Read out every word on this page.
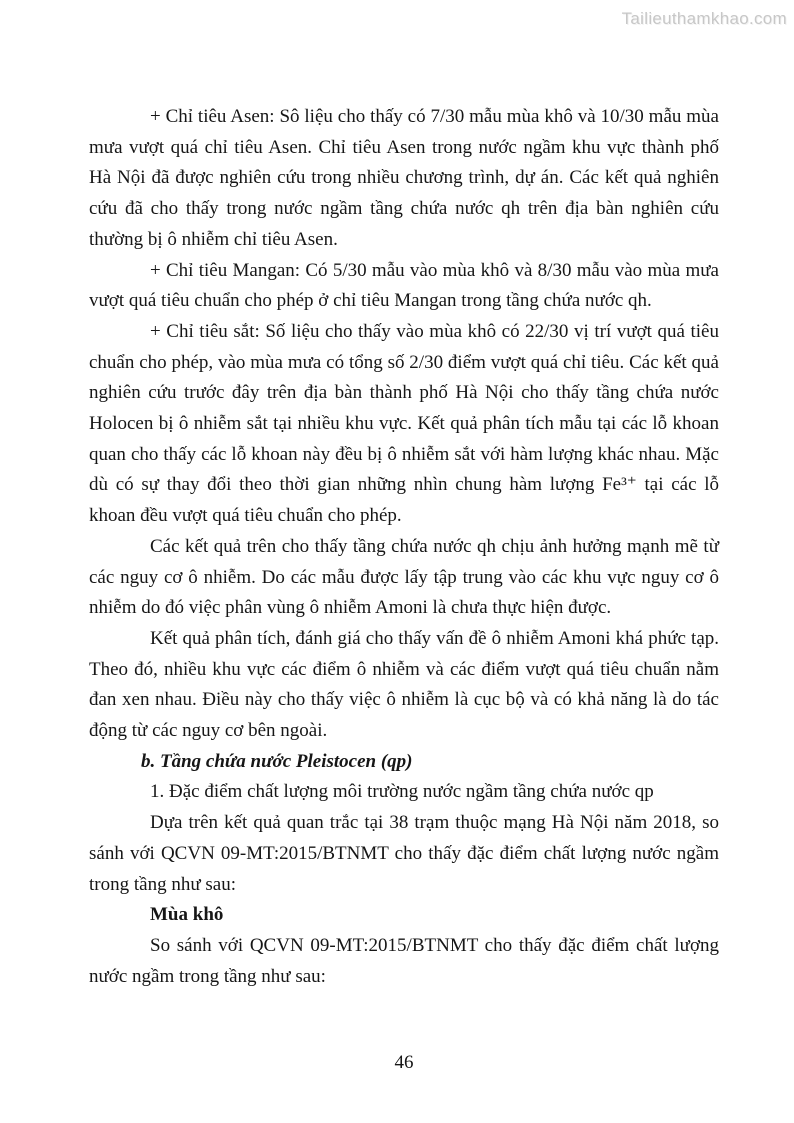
Tailieuthamkhao.com

+ Chỉ tiêu Asen: Sô liệu cho thấy có 7/30 mẫu mùa khô và 10/30 mẫu mùa mưa vượt quá chỉ tiêu Asen. Chỉ tiêu Asen trong nước ngầm khu vực thành phố Hà Nội đã được nghiên cứu trong nhiều chương trình, dự án. Các kết quả nghiên cứu đã cho thấy trong nước ngầm tầng chứa nước qh trên địa bàn nghiên cứu thường bị ô nhiễm chỉ tiêu Asen.

+ Chỉ tiêu Mangan: Có 5/30 mẫu vào mùa khô và 8/30 mẫu vào mùa mưa vượt quá tiêu chuẩn cho phép ở chỉ tiêu Mangan trong tầng chứa nước qh.

+ Chỉ tiêu sắt: Số liệu cho thấy vào mùa khô có 22/30 vị trí vượt quá tiêu chuẩn cho phép, vào mùa mưa có tổng số 2/30 điểm vượt quá chỉ tiêu. Các kết quả nghiên cứu trước đây trên địa bàn thành phố Hà Nội cho thấy tầng chứa nước Holocen bị ô nhiễm sắt tại nhiều khu vực. Kết quả phân tích mẫu tại các lỗ khoan quan cho thấy các lỗ khoan này đều bị ô nhiễm sắt với hàm lượng khác nhau. Mặc dù có sự thay đổi theo thời gian những nhìn chung hàm lượng Fe³⁺ tại các lỗ khoan đều vượt quá tiêu chuẩn cho phép.

Các kết quả trên cho thấy tầng chứa nước qh chịu ảnh hưởng mạnh mẽ từ các nguy cơ ô nhiễm. Do các mẫu được lấy tập trung vào các khu vực nguy cơ ô nhiễm do đó việc phân vùng ô nhiễm Amoni là chưa thực hiện được.

Kết quả phân tích, đánh giá cho thấy vấn đề ô nhiễm Amoni khá phức tạp. Theo đó, nhiều khu vực các điểm ô nhiễm và các điểm vượt quá tiêu chuẩn nằm đan xen nhau. Điều này cho thấy việc ô nhiễm là cục bộ và có khả năng là do tác động từ các nguy cơ bên ngoài.

b. Tầng chứa nước Pleistocen (qp)

1. Đặc điểm chất lượng môi trường nước ngầm tầng chứa nước qp

Dựa trên kết quả quan trắc tại 38 trạm thuộc mạng Hà Nội năm 2018, so sánh với QCVN 09-MT:2015/BTNMT cho thấy đặc điểm chất lượng nước ngầm trong tầng như sau:

Mùa khô

So sánh với QCVN 09-MT:2015/BTNMT cho thấy đặc điểm chất lượng nước ngầm trong tầng như sau:

46
